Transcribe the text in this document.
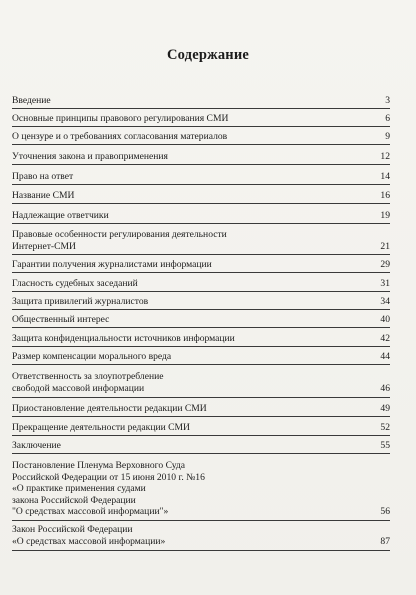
Содержание
Введение	3
Основные принципы правового регулирования СМИ	6
О цензуре и о требованиях согласования материалов	9
Уточнения закона и правоприменения	12
Право на ответ	14
Название СМИ	16
Надлежащие ответчики	19
Правовые особенности регулирования деятельности
Интернет-СМИ	21
Гарантии получения журналистами информации	29
Гласность судебных заседаний	31
Защита привилегий журналистов	34
Общественный интерес	40
Защита конфиденциальности источников информации	42
Размер компенсации морального вреда	44
Ответственность за злоупотребление
свободой массовой информации	46
Приостановление деятельности редакции СМИ	49
Прекращение деятельности редакции СМИ	52
Заключение	55
Постановление Пленума Верховного Суда
Российской Федерации от 15 июня 2010 г. №16
«О практике применения судами
закона Российской Федерации
"О средствах массовой информации"»	56
Закон Российской Федерации
«О средствах массовой информации»	87
